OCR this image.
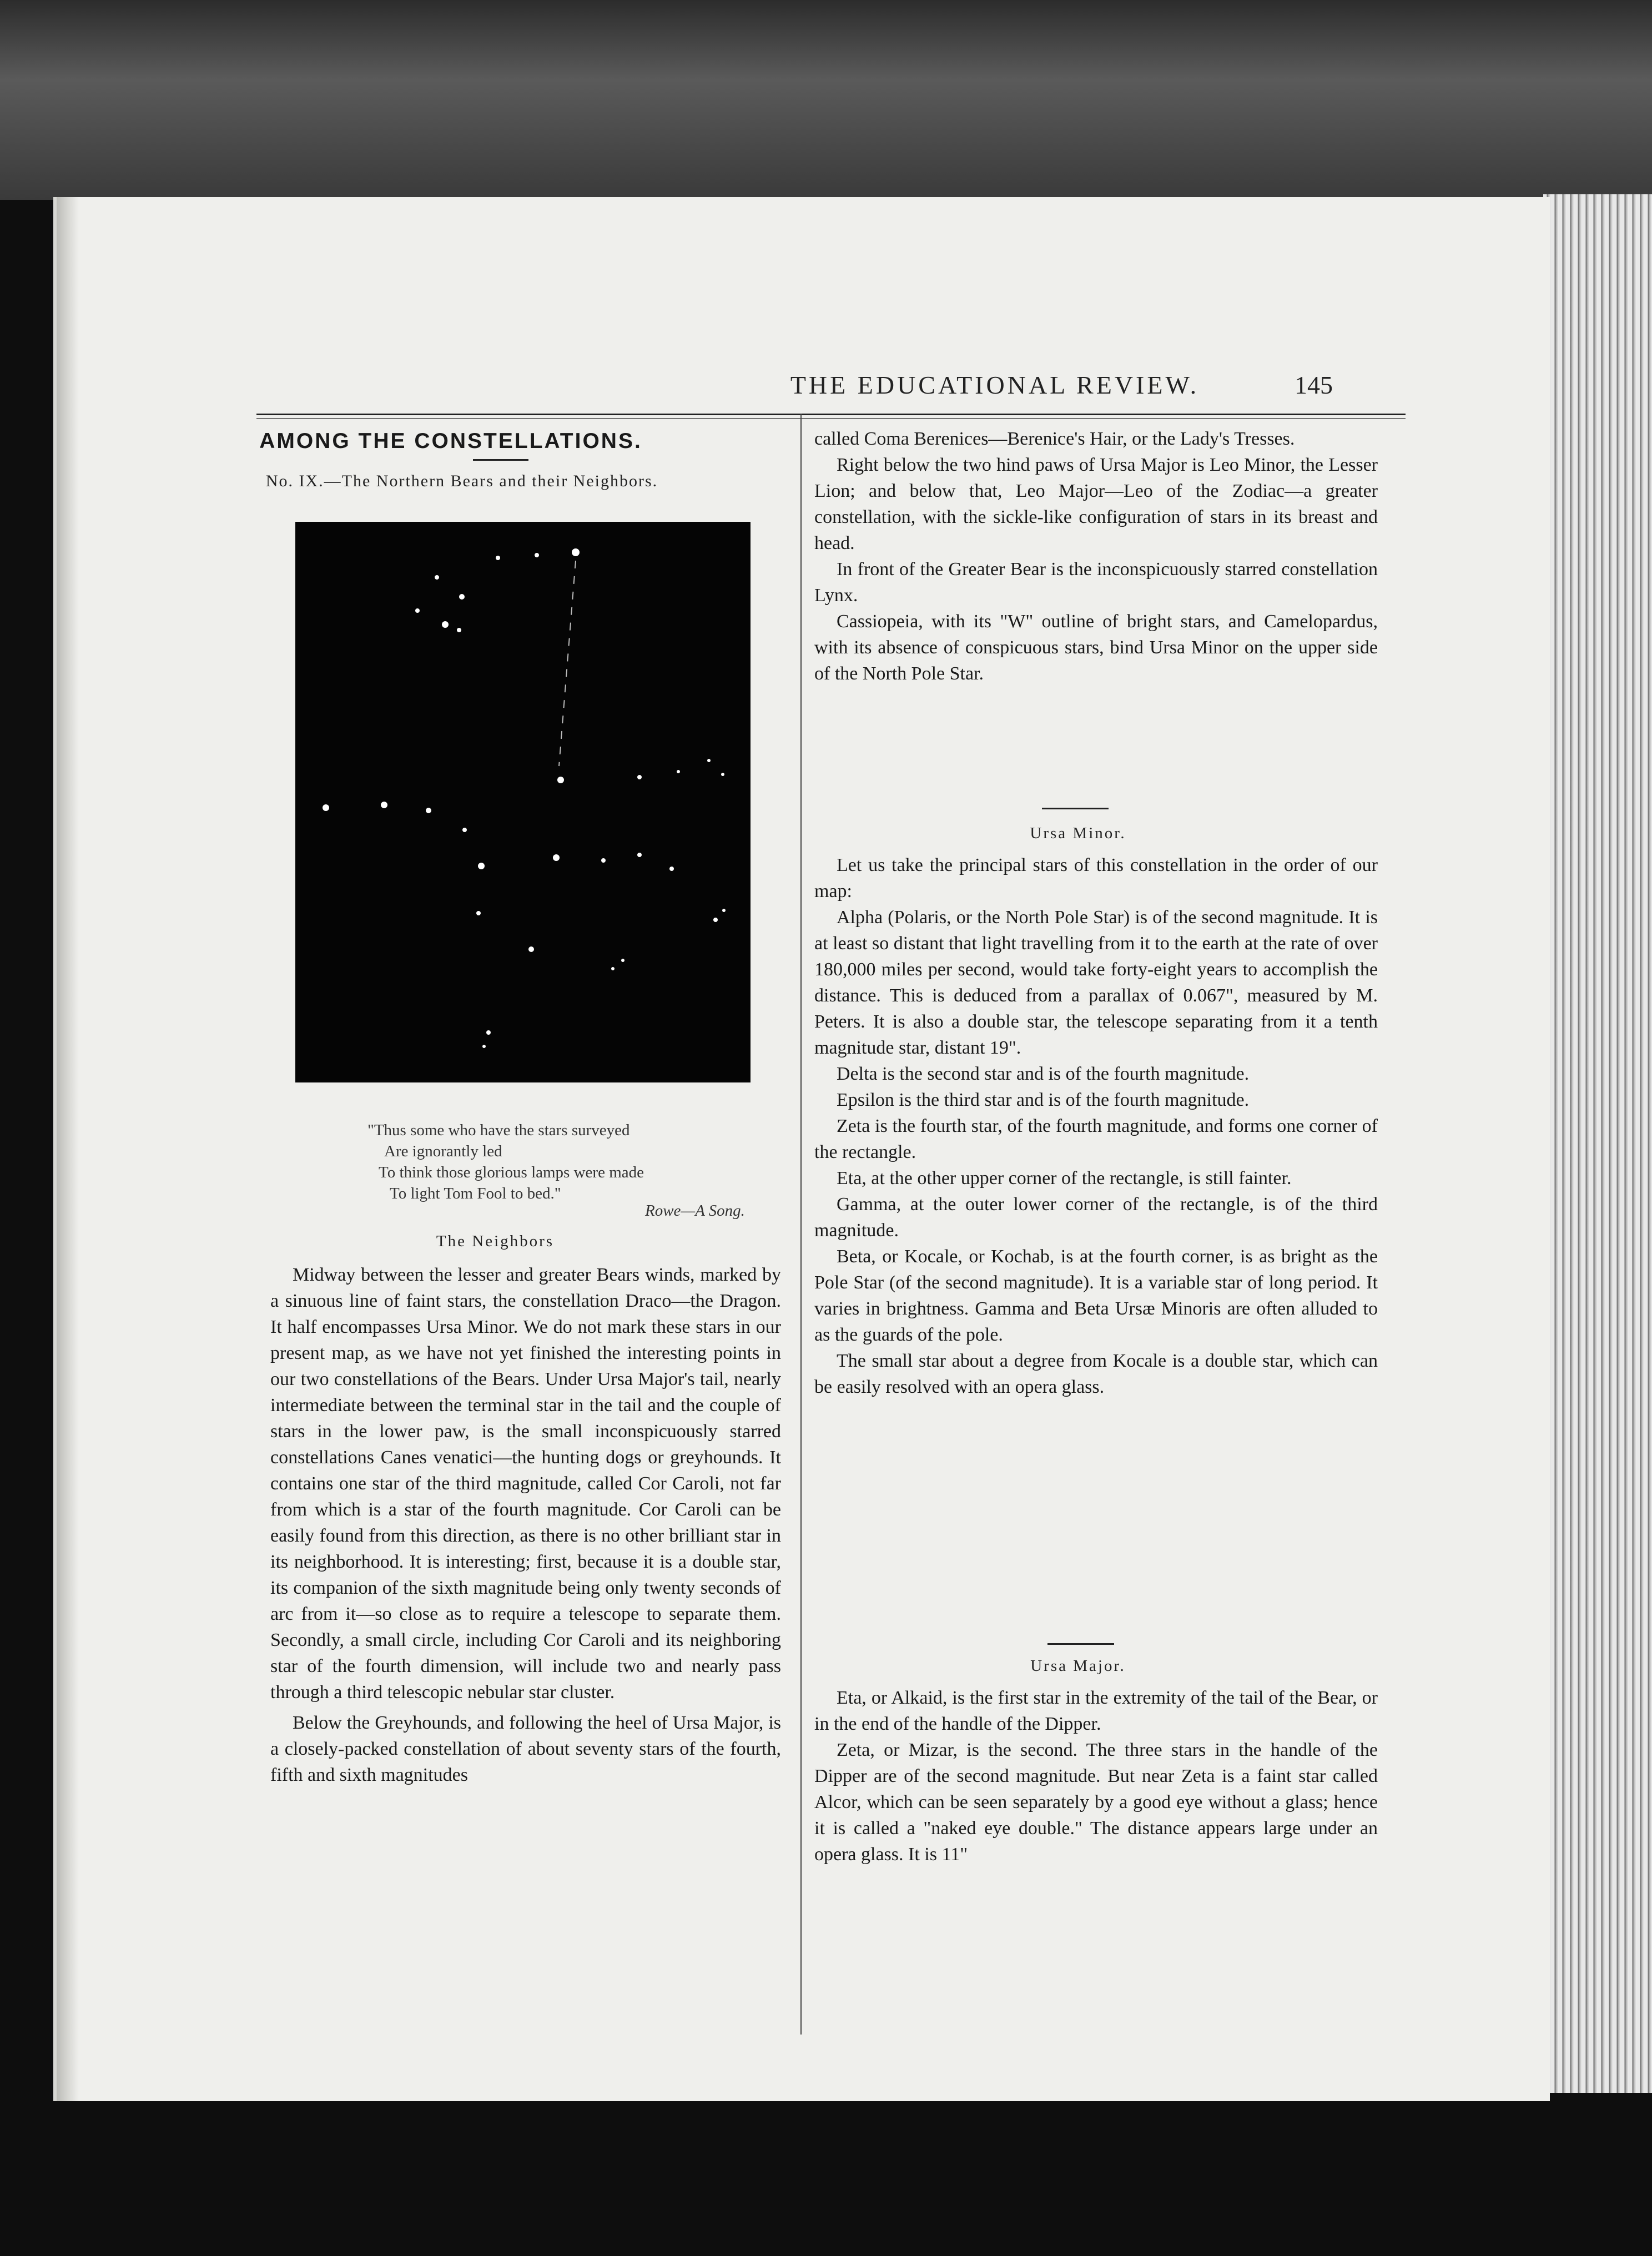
THE EDUCATIONAL REVIEW.	145
AMONG THE CONSTELLATIONS.
No. IX.—The Northern Bears and their Neighbors.
"Thus some who have the stars surveyed
Are ignorantly led
To think those glorious lamps were made
To light Tom Fool to bed."
Rowe—A Song.
The Neighbors

Midway between the lesser and greater Bears winds, marked by a sinuous line of faint stars, the constellation Draco—the Dragon. It half encompasses Ursa Minor. We do not mark these stars in our present map, as we have not yet finished the interesting points in our two constellations of the Bears. Under Ursa Major's tail, nearly intermediate between the terminal star in the tail and the couple of stars in the lower paw, is the small inconspicuously starred constellations Canes venatici—the hunting dogs or greyhounds. It contains one star of the third magnitude, called Cor Caroli, not far from which is a star of the fourth magnitude. Cor Caroli can be easily found from this direction, as there is no other brilliant star in its neighborhood. It is interesting; first, because it is a double star, its companion of the sixth magnitude being only twenty seconds of arc from it—so close as to require a telescope to separate them. Secondly, a small circle, including Cor Caroli and its neighboring star of the fourth dimension, will include two and nearly pass through a third telescopic nebular star cluster.

Below the Greyhounds, and following the heel of Ursa Major, is a closely-packed constellation of about seventy stars of the fourth, fifth and sixth magnitudes

called Coma Berenices—Berenice's Hair, or the Lady's Tresses.

Right below the two hind paws of Ursa Major is Leo Minor, the Lesser Lion; and below that, Leo Major—Leo of the Zodiac—a greater constellation, with the sickle-like configuration of stars in its breast and head.

In front of the Greater Bear is the inconspicuously starred constellation Lynx.

Cassiopeia, with its "W" outline of bright stars, and Camelopardus, with its absence of conspicuous stars, bind Ursa Minor on the upper side of the North Pole Star.

Ursa Minor.

Let us take the principal stars of this constellation in the order of our map:

Alpha (Polaris, or the North Pole Star) is of the second magnitude. It is at least so distant that light travelling from it to the earth at the rate of over 180,000 miles per second, would take forty-eight years to accomplish the distance. This is deduced from a parallax of 0.067", measured by M. Peters. It is also a double star, the telescope separating from it a tenth magnitude star, distant 19".

Delta is the second star and is of the fourth magnitude.

Epsilon is the third star and is of the fourth magnitude.

Zeta is the fourth star, of the fourth magnitude, and forms one corner of the rectangle.

Eta, at the other upper corner of the rectangle, is still fainter.

Gamma, at the outer lower corner of the rectangle, is of the third magnitude.

Beta, or Kocale, or Kochab, is at the fourth corner, is as bright as the Pole Star (of the second magnitude). It is a variable star of long period. It varies in brightness. Gamma and Beta Ursæ Minoris are often alluded to as the guards of the pole.

The small star about a degree from Kocale is a double star, which can be easily resolved with an opera glass.

Ursa Major.

Eta, or Alkaid, is the first star in the extremity of the tail of the Bear, or in the end of the handle of the Dipper.

Zeta, or Mizar, is the second. The three stars in the handle of the Dipper are of the second magnitude. But near Zeta is a faint star called Alcor, which can be seen separately by a good eye without a glass; hence it is called a "naked eye double." The distance appears large under an opera glass. It is 11"
